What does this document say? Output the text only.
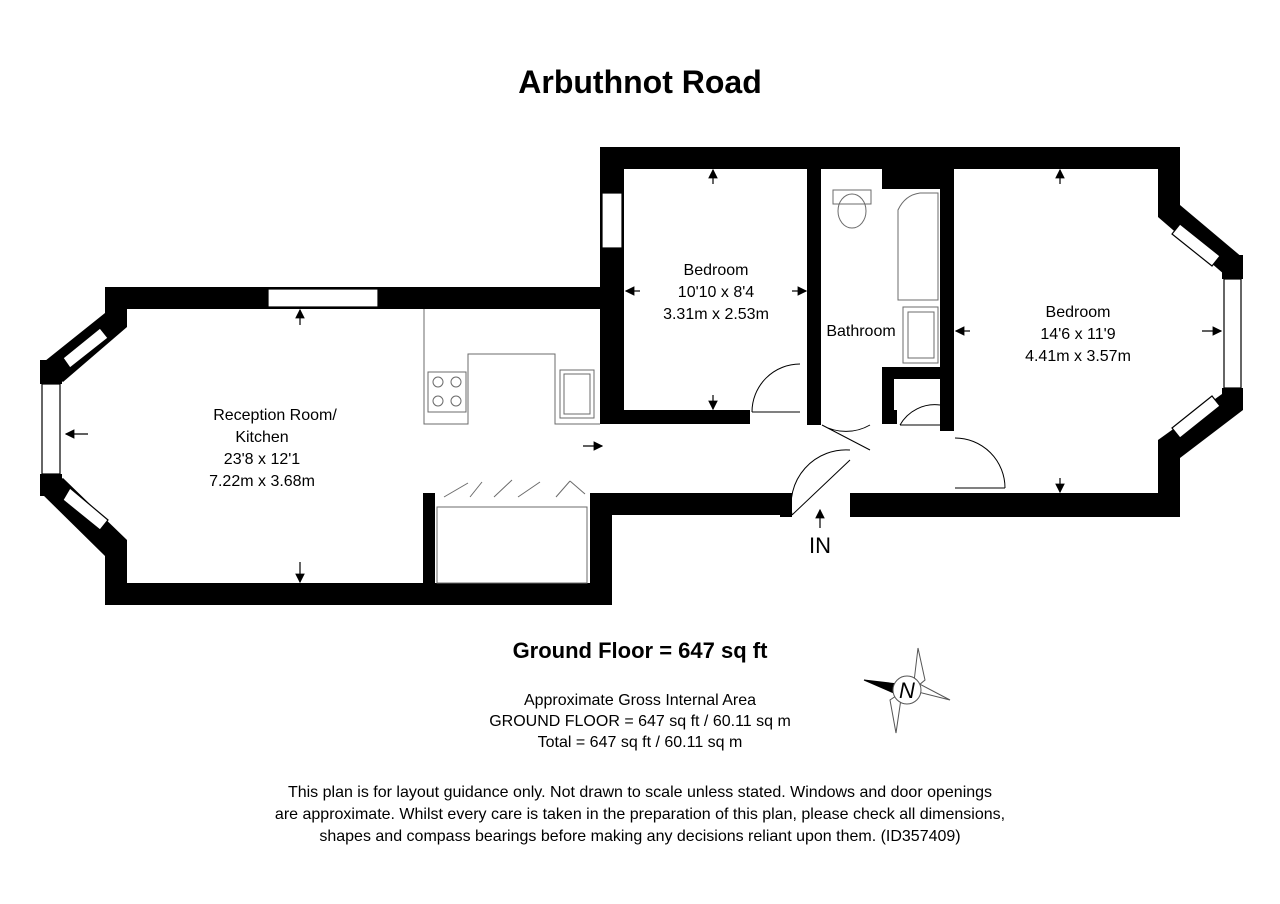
Arbuthnot Road
Reception Room/
Kitchen
23'8 x 12'1
7.22m x 3.68m
Bedroom
10'10 x 8'4
3.31m x 2.53m
Bathroom
Bedroom
14'6 x 11'9
4.41m x 3.57m
IN
N
Ground Floor = 647 sq ft
Approximate Gross Internal Area
GROUND FLOOR = 647 sq ft / 60.11 sq m
Total = 647 sq ft / 60.11 sq m
This plan is for layout guidance only. Not drawn to scale unless stated. Windows and door openings
are approximate. Whilst every care is taken in the preparation of this plan, please check all dimensions,
shapes and compass bearings before making any decisions reliant upon them. (ID357409)
